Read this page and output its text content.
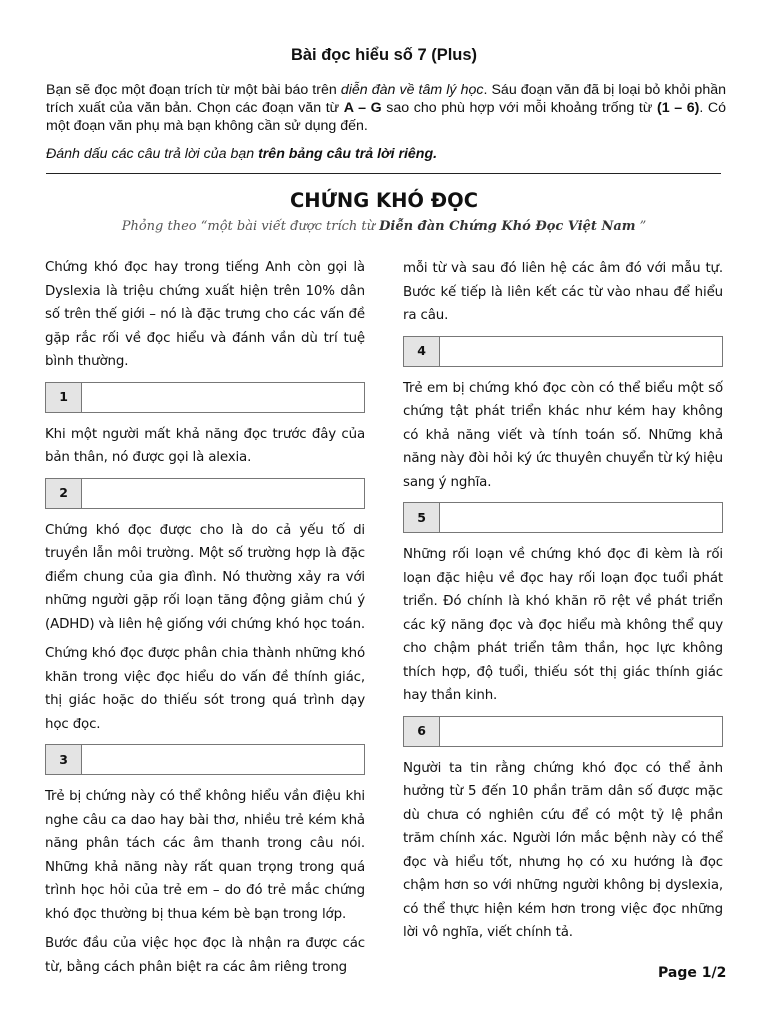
Bài đọc hiểu số 7 (Plus)

Bạn sẽ đọc một đoạn trích từ một bài báo trên diễn đàn về tâm lý học. Sáu đoạn văn đã bị loại bỏ khỏi phần trích xuất của văn bản. Chọn các đoạn văn từ A – G sao cho phù hợp với mỗi khoảng trống từ (1 – 6). Có một đoạn văn phụ mà bạn không cần sử dụng đến.

Đánh dấu các câu trả lời của bạn trên bảng câu trả lời riêng.

CHỨNG KHÓ ĐỌC
Phỏng theo “một bài viết được trích từ Diễn đàn Chứng Khó Đọc Việt Nam ”

Chứng khó đọc hay trong tiếng Anh còn gọi là Dyslexia là triệu chứng xuất hiện trên 10% dân số trên thế giới – nó là đặc trưng cho các vấn đề gặp rắc rối về đọc hiểu và đánh vần dù trí tuệ bình thường.

1

Khi một người mất khả năng đọc trước đây của bản thân, nó được gọi là alexia.

2

Chứng khó đọc được cho là do cả yếu tố di truyền lẫn môi trường. Một số trường hợp là đặc điểm chung của gia đình. Nó thường xảy ra với những người gặp rối loạn tăng động giảm chú ý (ADHD) và liên hệ giống với chứng khó học toán.

Chứng khó đọc được phân chia thành những khó khăn trong việc đọc hiểu do vấn đề thính giác, thị giác hoặc do thiếu sót trong quá trình dạy học đọc.

3

Trẻ bị chứng này có thể không hiểu vần điệu khi nghe câu ca dao hay bài thơ, nhiều trẻ kém khả năng phân tách các âm thanh trong câu nói. Những khả năng này rất quan trọng trong quá trình học hỏi của trẻ em – do đó trẻ mắc chứng khó đọc thường bị thua kém bè bạn trong lớp.

Bước đầu của việc học đọc là nhận ra được các từ, bằng cách phân biệt ra các âm riêng trong

mỗi từ và sau đó liên hệ các âm đó với mẫu tự. Bước kế tiếp là liên kết các từ vào nhau để hiểu ra câu.

4

Trẻ em bị chứng khó đọc còn có thể biểu một số chứng tật phát triển khác như kém hay không có khả năng viết và tính toán số. Những khả năng này đòi hỏi ký ức thuyên chuyển từ ký hiệu sang ý nghĩa.

5

Những rối loạn về chứng khó đọc đi kèm là rối loạn đặc hiệu về đọc hay rối loạn đọc tuổi phát triển. Đó chính là khó khăn rõ rệt về phát triển các kỹ năng đọc và đọc hiểu mà không thể quy cho chậm phát triển tâm thần, học lực không thích hợp, độ tuổi, thiếu sót thị giác thính giác hay thần kinh.

6

Người ta tin rằng chứng khó đọc có thể ảnh hưởng từ 5 đến 10 phần trăm dân số được mặc dù chưa có nghiên cứu để có một tỷ lệ phần trăm chính xác. Người lớn mắc bệnh này có thể đọc và hiểu tốt, nhưng họ có xu hướng là đọc chậm hơn so với những người không bị dyslexia, có thể thực hiện kém hơn trong việc đọc những lời vô nghĩa, viết chính tả.

Page 1/2
